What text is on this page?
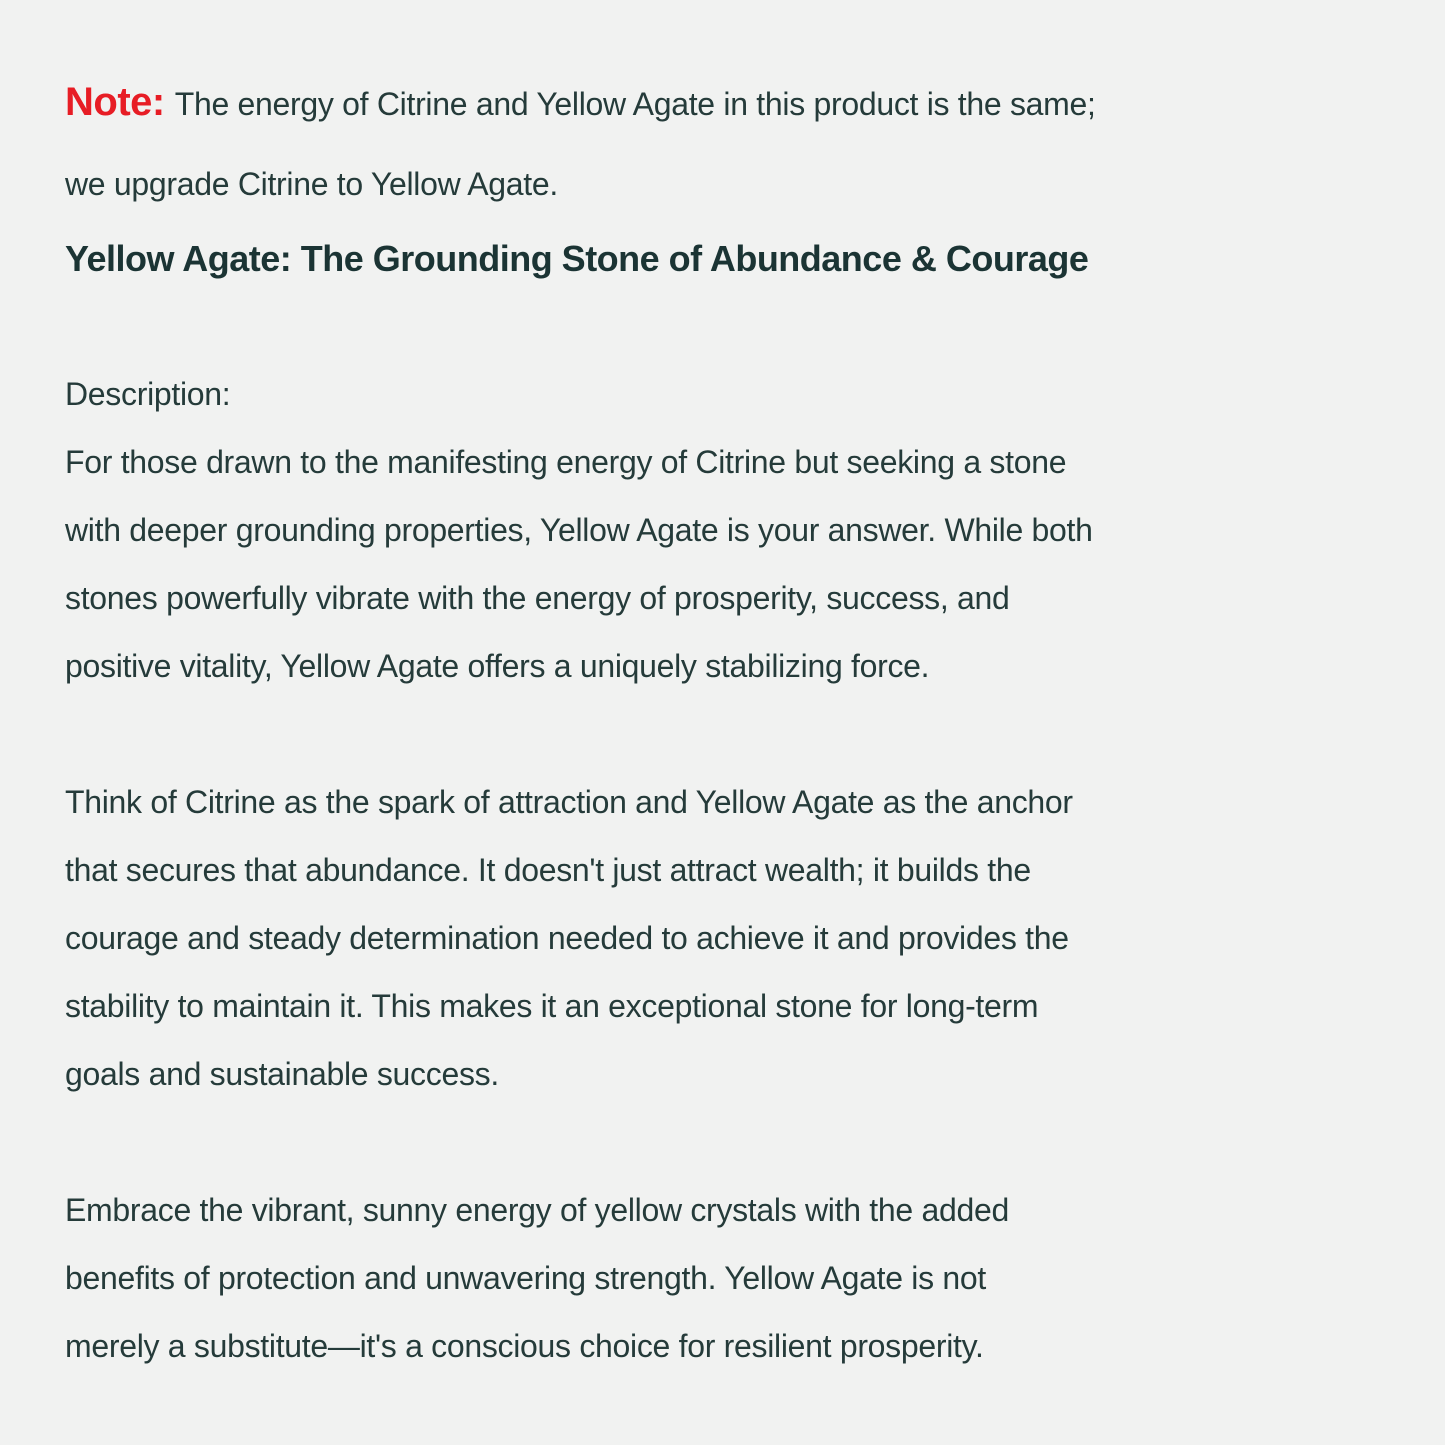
Note: The energy of Citrine and Yellow Agate in this product is the same;
we upgrade Citrine to Yellow Agate.
Yellow Agate: The Grounding Stone of Abundance & Courage
Description:
For those drawn to the manifesting energy of Citrine but seeking a stone
with deeper grounding properties, Yellow Agate is your answer. While both
stones powerfully vibrate with the energy of prosperity, success, and
positive vitality, Yellow Agate offers a uniquely stabilizing force.
Think of Citrine as the spark of attraction and Yellow Agate as the anchor
that secures that abundance. It doesn't just attract wealth; it builds the
courage and steady determination needed to achieve it and provides the
stability to maintain it. This makes it an exceptional stone for long-term
goals and sustainable success.
Embrace the vibrant, sunny energy of yellow crystals with the added
benefits of protection and unwavering strength. Yellow Agate is not
merely a substitute—it's a conscious choice for resilient prosperity.
